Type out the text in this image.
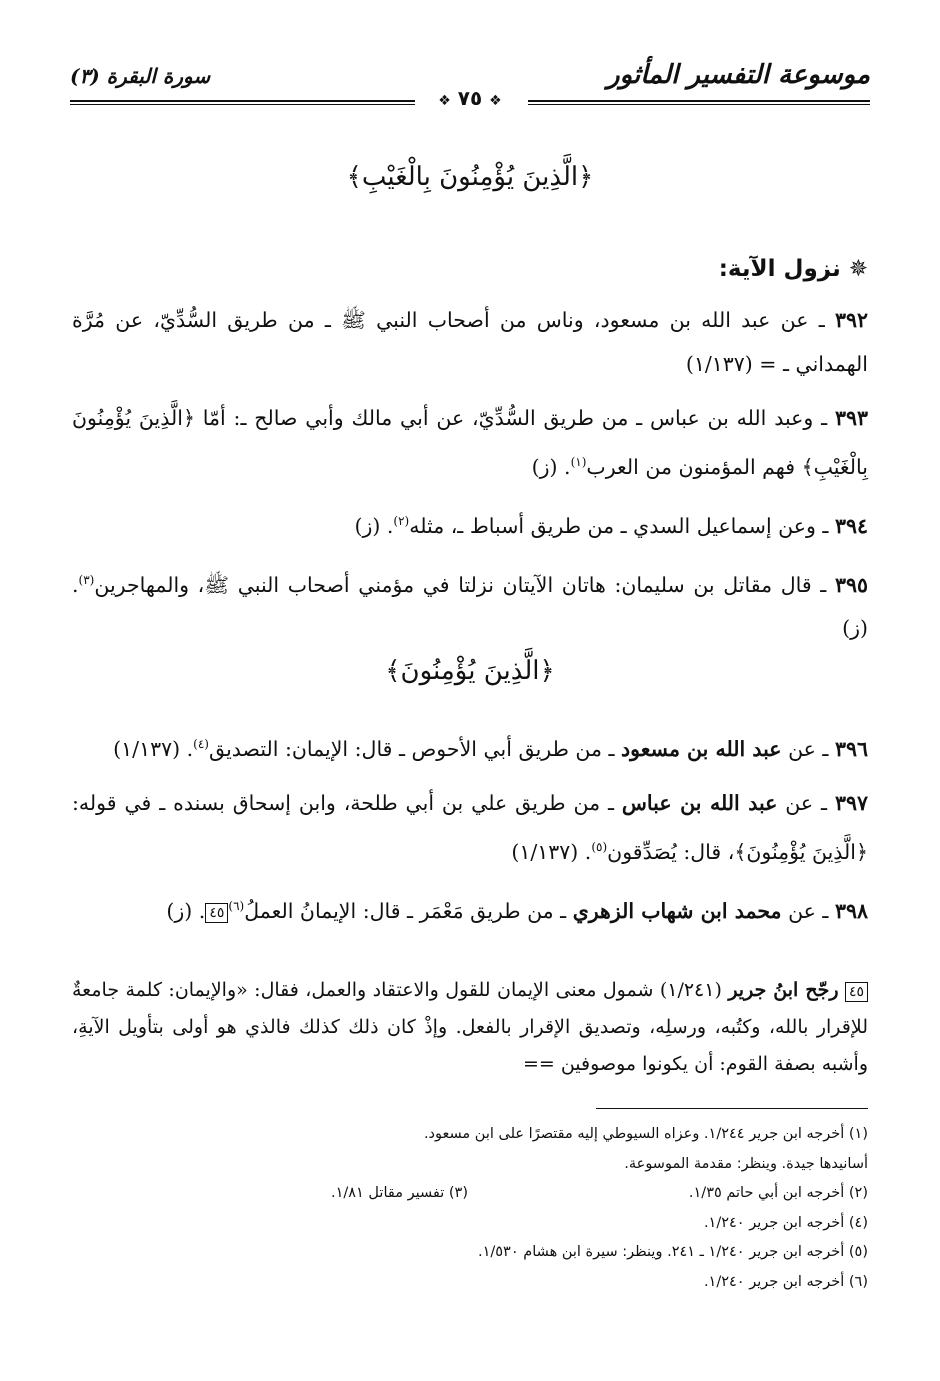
موسوعة التفسير المأثور
سورة البقرة (٣)
❖ ٧٥ ❖
﴿الَّذِينَ يُؤْمِنُونَ بِالْغَيْبِ﴾
✵نزول الآية:

٣٩٢ ـ عن عبد الله بن مسعود، وناس من أصحاب النبي ﷺ ـ من طريق السُّدِّيّ، عن مُرَّة الهمداني ـ = (١/١٣٧)

٣٩٣ ـ وعبد الله بن عباس ـ من طريق السُّدِّيّ، عن أبي مالك وأبي صالح ـ: أمّا ﴿الَّذِينَ يُؤْمِنُونَ بِالْغَيْبِ﴾ فهم المؤمنون من العرب$^{(١)}$. (ز)

٣٩٤ ـ وعن إسماعيل السدي ـ من طريق أسباط ـ، مثله$^{(٢)}$. (ز)

٣٩٥ ـ قال مقاتل بن سليمان: هاتان الآيتان نزلتا في مؤمني أصحاب النبي ﷺ، والمهاجرين$^{(٣)}$. (ز)

﴿الَّذِينَ يُؤْمِنُونَ﴾

٣٩٦ ـ عن عبد الله بن مسعود ـ من طريق أبي الأحوص ـ قال: الإيمان: التصديق$^{(٤)}$. (١/١٣٧)

٣٩٧ ـ عن عبد الله بن عباس ـ من طريق علي بن أبي طلحة، وابن إسحاق بسنده ـ في قوله: ﴿الَّذِينَ يُؤْمِنُونَ﴾، قال: يُصَدِّقون$^{(٥)}$. (١/١٣٧)

٣٩٨ ـ عن محمد ابن شهاب الزهري ـ من طريق مَعْمَر ـ قال: الإيمانُ العملُ$^{(٦)}$٤٥. (ز)

٤٥ رجّح ابنُ جرير (١/٢٤١) شمول معنى الإيمان للقول والاعتقاد والعمل، فقال: «والإيمان: كلمة جامعةٌ للإقرار بالله، وكتُبه، ورسلِه، وتصديق الإقرار بالفعل. وإذْ كان ذلك كذلك فالذي هو أولى بتأويل الآيةِ، وأشبه بصفة القوم: أن يكونوا موصوفين ==
(١) أخرجه ابن جرير ١/٢٤٤. وعزاه السيوطي إليه مقتصرًا على ابن مسعود.
أسانيدها جيدة. وينظر: مقدمة الموسوعة.
(٢) أخرجه ابن أبي حاتم ١/٣٥.
(٣) تفسير مقاتل ١/٨١.
(٤) أخرجه ابن جرير ١/٢٤٠.
(٥) أخرجه ابن جرير ١/٢٤٠ ـ ٢٤١. وينظر: سيرة ابن هشام ١/٥٣٠.
(٦) أخرجه ابن جرير ١/٢٤٠.
